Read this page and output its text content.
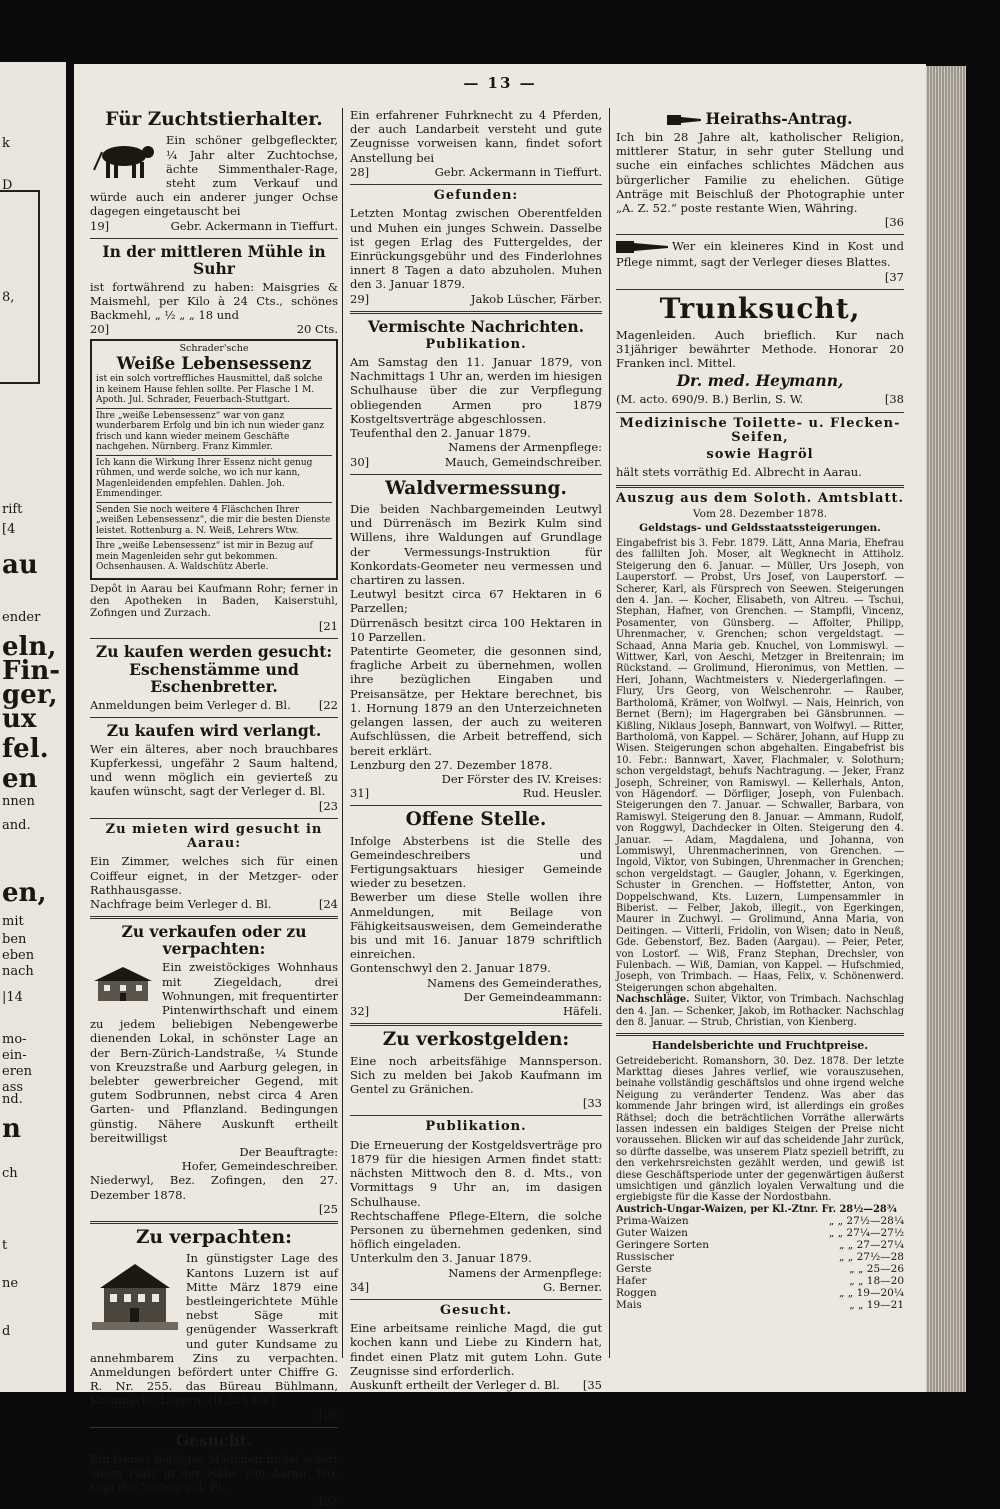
k
D
8,
rift
[4
au
ender
eln,
Fin-
ger,
ux
fel.
en
nnen
and.
en,
mit
ben
eben
nach
|14
mo-
ein-
eren
ass
nd.
n
ch
t
ne
d
— 13 —
Für Zuchtstierhalter.

Ein schöner gelbgefleckter, ¼ Jahr alter Zuchtochse, ächte Simmenthaler-Rage, steht zum Verkauf und würde auch ein anderer junger Ochse dagegen eingetauscht bei

19]	Gebr. Ackermann in Tieffurt.
In der mittleren Mühle in Suhr

ist fortwährend zu haben: Maisgries & Maismehl, per Kilo à 24 Cts., schönes Backmehl, „ ½ „ „ 18 und

20]	20 Cts.
Schrader'sche
Weiße Lebensessenz
ist ein solch vortreffliches Hausmittel, daß solche in keinem Hause fehlen sollte. Per Flasche 1 M. Apoth. Jul. Schrader, Feuerbach-Stuttgart.
Ihre „weiße Lebensessenz“ war von ganz wunderbarem Erfolg und bin ich nun wieder ganz frisch und kann wieder meinem Geschäfte nachgehen. Nürnberg. Franz Kimmler.
Ich kann die Wirkung Ihrer Essenz nicht genug rühmen, und werde solche, wo ich nur kann, Magenleidenden empfehlen. Dahlen. Joh. Emmendinger.
Senden Sie noch weitere 4 Fläschchen Ihrer „weißen Lebensessenz“, die mir die besten Dienste leistet. Rottenburg a. N. Weiß, Lehrers Wtw.
Ihre „weiße Lebensessenz“ ist mir in Bezug auf mein Magenleiden sehr gut bekommen. Ochsenhausen. A. Waldschütz Aberle.

Depôt in Aarau bei Kaufmann Rohr; ferner in den Apotheken in Baden, Kaiserstuhl, Zofingen und Zurzach.

[21
Zu kaufen werden gesucht: Eschenstämme und Eschenbretter.
Anmeldungen beim Verleger d. Bl. [22
Zu kaufen wird verlangt.

Wer ein älteres, aber noch brauchbares Kupferkessi, ungefähr 2 Saum haltend, und wenn möglich ein gevierteß zu kaufen wünscht, sagt der Verleger d. Bl.

[23
Zu mieten wird gesucht in Aarau:

Ein Zimmer, welches sich für einen Coiffeur eignet, in der Metzger- oder Rathhausgasse.

Nachfrage beim Verleger d. Bl.	[24
Zu verkaufen oder zu verpachten:

Ein zweistöckiges Wohnhaus mit Ziegeldach, drei Wohnungen, mit frequentirter Pintenwirthschaft und einem zu jedem beliebigen Nebengewerbe dienenden Lokal, in schönster Lage an der Bern-Zürich-Landstraße, ¼ Stunde von Kreuzstraße und Aarburg gelegen, in belebter gewerbreicher Gegend, mit gutem Sodbrunnen, nebst circa 4 Aren Garten- und Pflanzland. Bedingungen günstig. Nähere Auskunft ertheilt bereitwilligst

Der Beauftragte:
Hofer, Gemeindeschreiber.

Niederwyl, Bez. Zofingen, den 27. Dezember 1878.

[25
Zu verpachten:

In günstigster Lage des Kantons Luzern ist auf Mitte März 1879 eine bestleingerichtete Mühle nebst Säge mit genügender Wasserkraft und guter Kundsame zu annehmbarem Zins zu verpachten. Anmeldungen befördert unter Chiffre G. R. Nr. 255. das Büreau Bühlmann, Kornmarkt, Luzern. (H.255.Lu.)

[26
Gesucht.

Ein treues fleißiges Mädchen findet sofort einen Platz in der Nähe von Aarau. Wo, sagt der Verleger d. Bl.

[27

Ein erfahrener Fuhrknecht zu 4 Pferden, der auch Landarbeit versteht und gute Zeugnisse vorweisen kann, findet sofort Anstellung bei

28]	Gebr. Ackermann in Tieffurt.
Gefunden:

Letzten Montag zwischen Oberentfelden und Muhen ein junges Schwein. Dasselbe ist gegen Erlag des Futtergeldes, der Einrückungsgebühr und des Finderlohnes innert 8 Tagen a dato abzuholen. Muhen den 3. Januar 1879.

29]	Jakob Lüscher, Färber.
Vermischte Nachrichten.
Publikation.

Am Samstag den 11. Januar 1879, von Nachmittags 1 Uhr an, werden im hiesigen Schulhause über die zur Verpflegung obliegenden Armen pro 1879 Kostgeltsverträge abgeschlossen.

Teufenthal den 2. Januar 1879.

Namens der Armenpflege:
30]	Mauch, Gemeindschreiber.
Waldvermessung.

Die beiden Nachbargemeinden Leutwyl und Dürrenäsch im Bezirk Kulm sind Willens, ihre Waldungen auf Grundlage der Vermessungs-Instruktion für Konkordats-Geometer neu vermessen und chartiren zu lassen.

Leutwyl besitzt circa 67 Hektaren in 6 Parzellen;

Dürrenäsch besitzt circa 100 Hektaren in 10 Parzellen.

Patentirte Geometer, die gesonnen sind, fragliche Arbeit zu übernehmen, wollen ihre bezüglichen Eingaben und Preisansätze, per Hektare berechnet, bis 1. Hornung 1879 an den Unterzeichneten gelangen lassen, der auch zu weiteren Aufschlüssen, die Arbeit betreffend, sich bereit erklärt.

Lenzburg den 27. Dezember 1878.

Der Förster des IV. Kreises:
31]	Rud. Heusler.
Offene Stelle.

Infolge Absterbens ist die Stelle des Gemeindeschreibers und Fertigungsaktuars hiesiger Gemeinde wieder zu besetzen.

Bewerber um diese Stelle wollen ihre Anmeldungen, mit Beilage von Fähigkeitsausweisen, dem Gemeinderathe bis und mit 16. Januar 1879 schriftlich einreichen.

Gontenschwyl den 2. Januar 1879.

Namens des Gemeinderathes,
Der Gemeindeammann:
32]	Häfeli.
Zu verkostgelden:

Eine noch arbeitsfähige Mannsperson. Sich zu melden bei Jakob Kaufmann im Gentel zu Gränichen.

[33
Publikation.

Die Erneuerung der Kostgeldsverträge pro 1879 für die hiesigen Armen findet statt: nächsten Mittwoch den 8. d. Mts., von Vormittags 9 Uhr an, im dasigen Schulhause.

Rechtschaffene Pflege-Eltern, die solche Personen zu übernehmen gedenken, sind höflich eingeladen.

Unterkulm den 3. Januar 1879.

Namens der Armenpflege:
34]	G. Berner.
Gesucht.

Eine arbeitsame reinliche Magd, die gut kochen kann und Liebe zu Kindern hat, findet einen Platz mit gutem Lohn. Gute Zeugnisse sind erforderlich.

Auskunft ertheilt der Verleger d. Bl. [35
Heiraths-Antrag.

Ich bin 28 Jahre alt, katholischer Religion, mittlerer Statur, in sehr guter Stellung und suche ein einfaches schlichtes Mädchen aus bürgerlicher Familie zu ehelichen. Gütige Anträge mit Beischluß der Photographie unter „A. Z. 52.“ poste restante Wien, Währing.

[36

Wer ein kleineres Kind in Kost und Pflege nimmt, sagt der Verleger dieses Blattes.

[37
Trunksucht,

Magenleiden. Auch brieflich. Kur nach 31jähriger bewährter Methode. Honorar 20 Franken incl. Mittel.

Dr. med. Heymann,
(M. acto. 690/9. B.) Berlin, S. W.	[38
Medizinische Toilette- u. Flecken-Seifen,
sowie Hagröl

hält stets vorräthig Ed. Albrecht in Aarau.

Auszug aus dem Soloth. Amtsblatt.
Vom 28. Dezember 1878.
Geldstags- und Geldsstaatssteigerungen.

Eingabefrist bis 3. Febr. 1879. Lätt, Anna Maria, Ehefrau des fallilten Joh. Moser, alt Wegknecht in Attiholz. Steigerung den 6. Januar. — Müller, Urs Joseph, von Lauperstorf. — Probst, Urs Josef, von Lauperstorf. — Scherer, Karl, als Fürsprech von Seewen. Steigerungen den 4. Jan. — Kocher, Elisabeth, von Altreu. — Tschui, Stephan, Hafner, von Grenchen. — Stampfli, Vincenz, Posamenter, von Günsberg. — Affolter, Philipp, Uhrenmacher, v. Grenchen; schon vergeldstagt. — Schaad, Anna Maria geb. Knuchel, von Lommiswyl. — Wittwer, Karl, von Aeschi, Metzger in Breitenrain; im Rückstand. — Grolimund, Hieronimus, von Mettlen. — Heri, Johann, Wachtmeisters v. Niedergerlafingen. — Flury, Urs Georg, von Welschenrohr. — Rauber, Bartholomä, Krämer, von Wolfwyl. — Nais, Heinrich, von Bernet (Bern); im Hagergraben bei Gänsbrunnen. — Kißling, Niklaus Joseph, Bannwart, von Wolfwyl. — Ritter, Bartholomä, von Kappel. — Schärer, Johann, auf Hupp zu Wisen. Steigerungen schon abgehalten. Eingabefrist bis 10. Febr.: Bannwart, Xaver, Flachmaler, v. Solothurn; schon vergeldstagt, behufs Nachtragung. — Jeker, Franz Joseph, Schreiner, von Ramiswyl. — Kellerhals, Anton, von Hägendorf. — Dörfliger, Joseph, von Fulenbach. Steigerungen den 7. Januar. — Schwaller, Barbara, von Ramiswyl. Steigerung den 8. Januar. — Ammann, Rudolf, von Roggwyl, Dachdecker in Olten. Steigerung den 4. Januar. — Adam, Magdalena, und Johanna, von Lommiswyl, Uhrenmacherinnen, von Grenchen. — Ingold, Viktor, von Subingen, Uhrenmacher in Grenchen; schon vergeldstagt. — Gaugler, Johann, v. Egerkingen, Schuster in Grenchen. — Hoffstetter, Anton, von Doppelschwand, Kts. Luzern, Lumpensammler in Biberist. — Felber, Jakob, illegit., von Egerkingen, Maurer in Zuchwyl. — Grolimund, Anna Maria, von Deitingen. — Vitterli, Fridolin, von Wisen; dato in Neuß, Gde. Gebenstorf, Bez. Baden (Aargau). — Peier, Peter, von Lostorf. — Wiß, Franz Stephan, Drechsler, von Fulenbach. — Wiß, Damian, von Kappel. — Hufschmied, Joseph, von Trimbach. — Haas, Felix, v. Schönenwerd. Steigerungen schon abgehalten.

Nachschläge. Suiter, Viktor, von Trimbach. Nachschlag den 4. Jan. — Schenker, Jakob, im Rothacker. Nachschlag den 8. Januar. — Strub, Christian, von Kienberg.

Handelsberichte und Fruchtpreise.

Getreidebericht. Romanshorn, 30. Dez. 1878. Der letzte Markttag dieses Jahres verlief, wie vorauszusehen, beinahe vollständig geschäftslos und ohne irgend welche Neigung zu veränderter Tendenz. Was aber das kommende Jahr bringen wird, ist allerdings ein großes Räthsel; doch die beträchtlichen Vorräthe allerwärts lassen indessen ein baldiges Steigen der Preise nicht voraussehen. Blicken wir auf das scheidende Jahr zurück, so dürfte dasselbe, was unserem Platz speziell betrifft, zu den verkehrsreichsten gezählt werden, und gewiß ist diese Geschäftsperiode unter der gegenwärtigen äußerst umsichtigen und gänzlich loyalen Verwaltung und die ergiebigste für die Kasse der Nordostbahn.

Austrich-Ungar-Waizen, per Kl.-Ztnr. Fr. 28½—28¾
Prima-Waizen	„ „ 27½—28¼
Guter Waizen	„ „ 27¼—27½
Geringere Sorten	„ „ 27—27¼
Russischer	„ „ 27½—28
Gerste	„ „ 25—26
Hafer	„ „ 18—20
Roggen	„ „ 19—20¼
Mais	„ „ 19—21
